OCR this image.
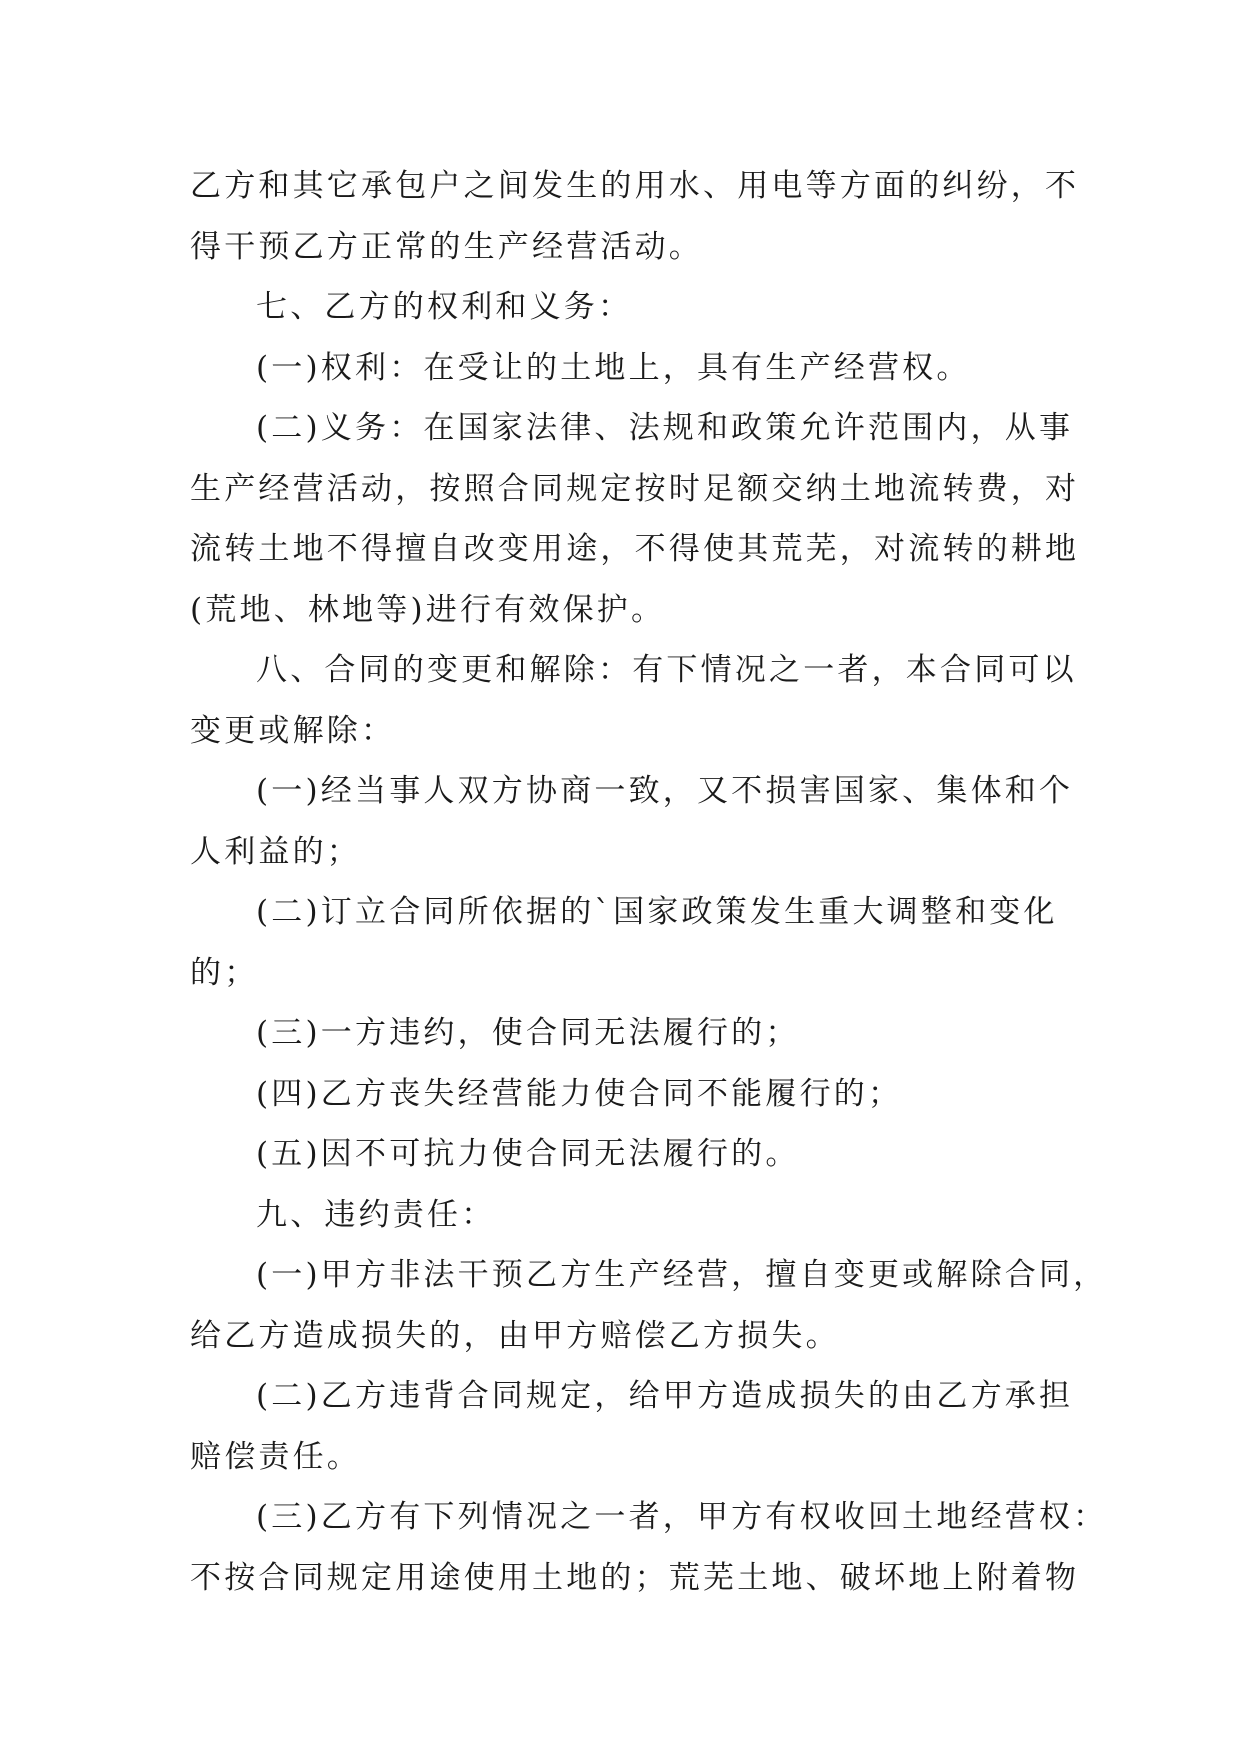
乙方和其它承包户之间发生的用水、用电等方面的纠纷，不
得干预乙方正常的生产经营活动。

七、乙方的权利和义务：

(一)权利：在受让的土地上，具有生产经营权。

(二)义务：在国家法律、法规和政策允许范围内，从事
生产经营活动，按照合同规定按时足额交纳土地流转费，对
流转土地不得擅自改变用途，不得使其荒芜，对流转的耕地
(荒地、林地等)进行有效保护。

八、合同的变更和解除：有下情况之一者，本合同可以
变更或解除：

(一)经当事人双方协商一致，又不损害国家、集体和个
人利益的；

(二)订立合同所依据的`国家政策发生重大调整和变化
的；

(三)一方违约，使合同无法履行的；

(四)乙方丧失经营能力使合同不能履行的；

(五)因不可抗力使合同无法履行的。

九、违约责任：

(一)甲方非法干预乙方生产经营，擅自变更或解除合同，
给乙方造成损失的，由甲方赔偿乙方损失。

(二)乙方违背合同规定，给甲方造成损失的由乙方承担
赔偿责任。

(三)乙方有下列情况之一者，甲方有权收回土地经营权：
不按合同规定用途使用土地的；荒芜土地、破坏地上附着物
